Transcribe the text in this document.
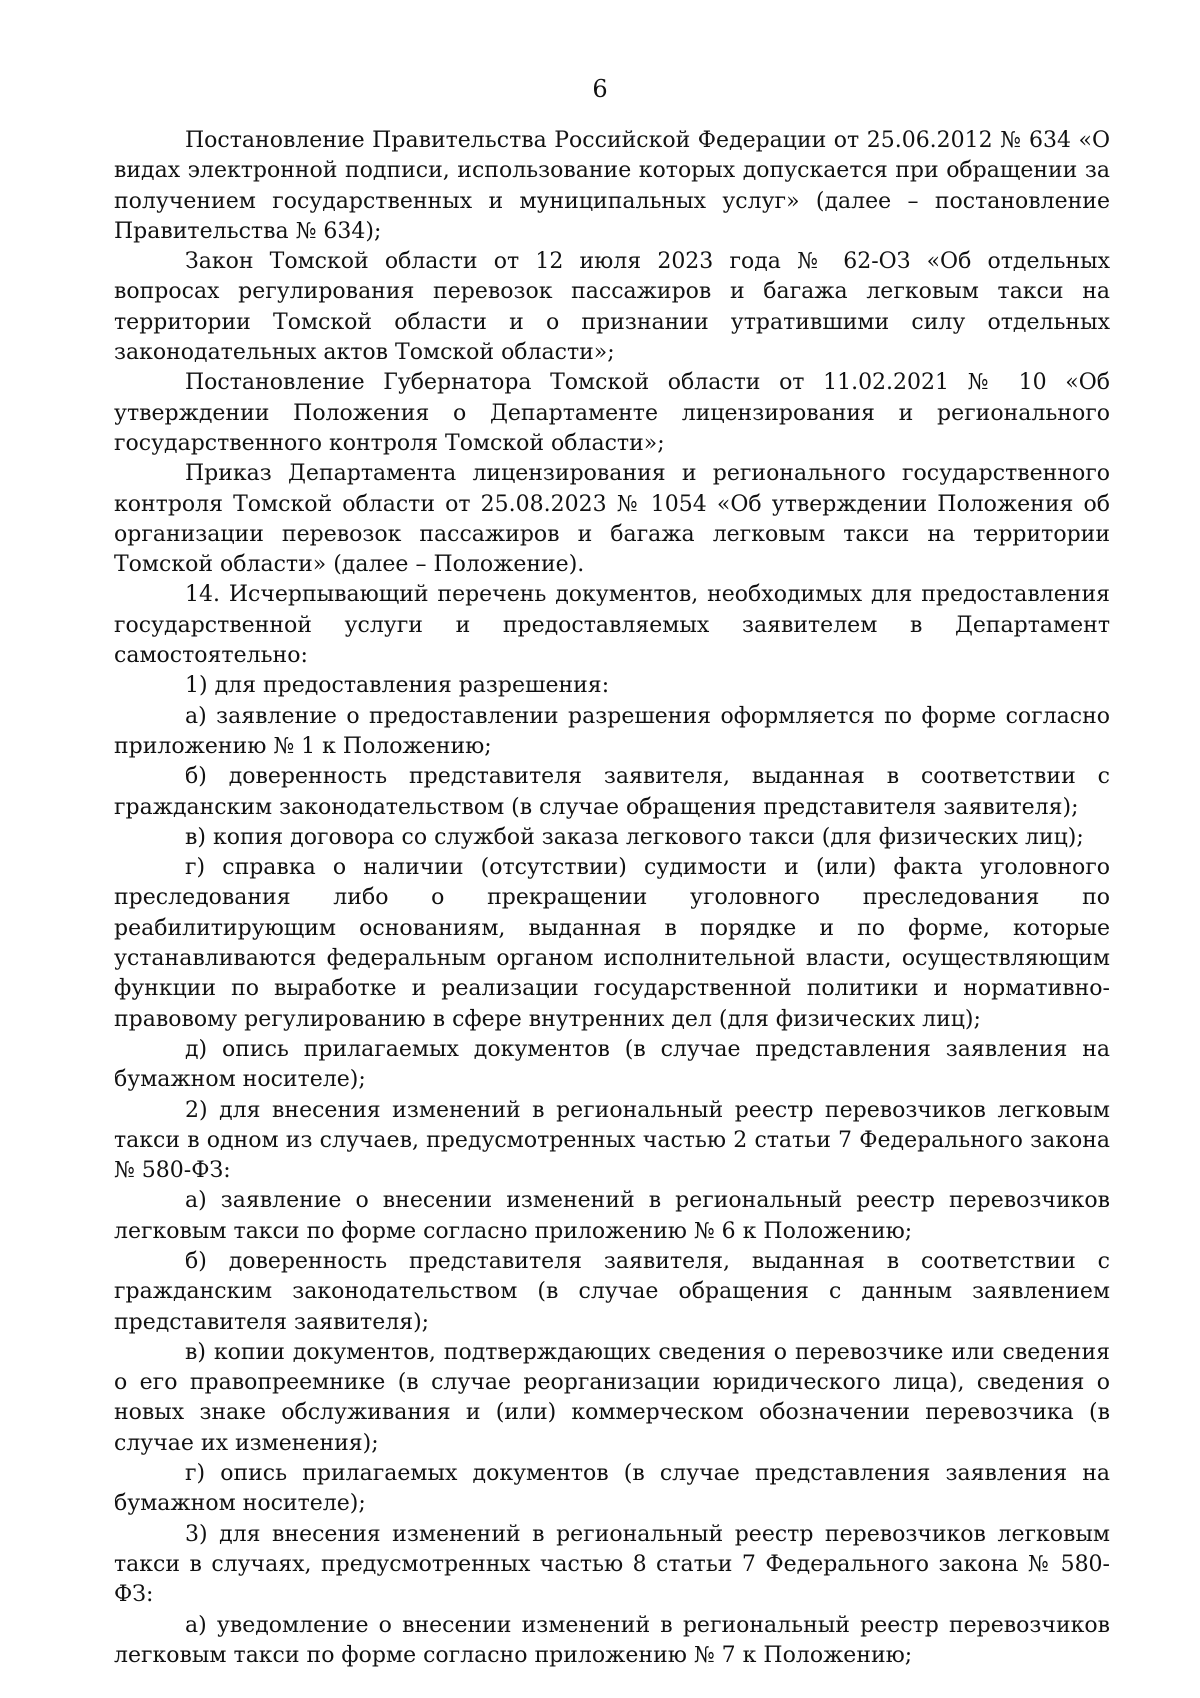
6

Постановление Правительства Российской Федерации от 25.06.2012 № 634 «О видах электронной подписи, использование которых допускается при обращении за получением государственных и муниципальных услуг» (далее – постановление Правительства № 634);

Закон Томской области от 12 июля 2023 года № 62-ОЗ «Об отдельных вопросах регулирования перевозок пассажиров и багажа легковым такси на территории Томской области и о признании утратившими силу отдельных законодательных актов Томской области»;

Постановление Губернатора Томской области от 11.02.2021 № 10 «Об утверждении Положения о Департаменте лицензирования и регионального государственного контроля Томской области»;

Приказ Департамента лицензирования и регионального государственного контроля Томской области от 25.08.2023 № 1054 «Об утверждении Положения об организации перевозок пассажиров и багажа легковым такси на территории Томской области» (далее – Положение).

14. Исчерпывающий перечень документов, необходимых для предоставления государственной услуги и предоставляемых заявителем в Департамент самостоятельно:

1) для предоставления разрешения:

а) заявление о предоставлении разрешения оформляется по форме согласно приложению № 1 к Положению;

б) доверенность представителя заявителя, выданная в соответствии с гражданским законодательством (в случае обращения представителя заявителя);

в) копия договора со службой заказа легкового такси (для физических лиц);

г) справка о наличии (отсутствии) судимости и (или) факта уголовного преследования либо о прекращении уголовного преследования по реабилитирующим основаниям, выданная в порядке и по форме, которые устанавливаются федеральным органом исполнительной власти, осуществляющим функции по выработке и реализации государственной политики и нормативно-правовому регулированию в сфере внутренних дел (для физических лиц);

д) опись прилагаемых документов (в случае представления заявления на бумажном носителе);

2) для внесения изменений в региональный реестр перевозчиков легковым такси в одном из случаев, предусмотренных частью 2 статьи 7 Федерального закона № 580-ФЗ:

а) заявление о внесении изменений в региональный реестр перевозчиков легковым такси по форме согласно приложению № 6 к Положению;

б) доверенность представителя заявителя, выданная в соответствии с гражданским законодательством (в случае обращения с данным заявлением представителя заявителя);

в) копии документов, подтверждающих сведения о перевозчике или сведения о его правопреемнике (в случае реорганизации юридического лица), сведения о новых знаке обслуживания и (или) коммерческом обозначении перевозчика (в случае их изменения);

г) опись прилагаемых документов (в случае представления заявления на бумажном носителе);

3) для внесения изменений в региональный реестр перевозчиков легковым такси в случаях, предусмотренных частью 8 статьи 7 Федерального закона № 580-ФЗ:

а) уведомление о внесении изменений в региональный реестр перевозчиков легковым такси по форме согласно приложению № 7 к Положению;
